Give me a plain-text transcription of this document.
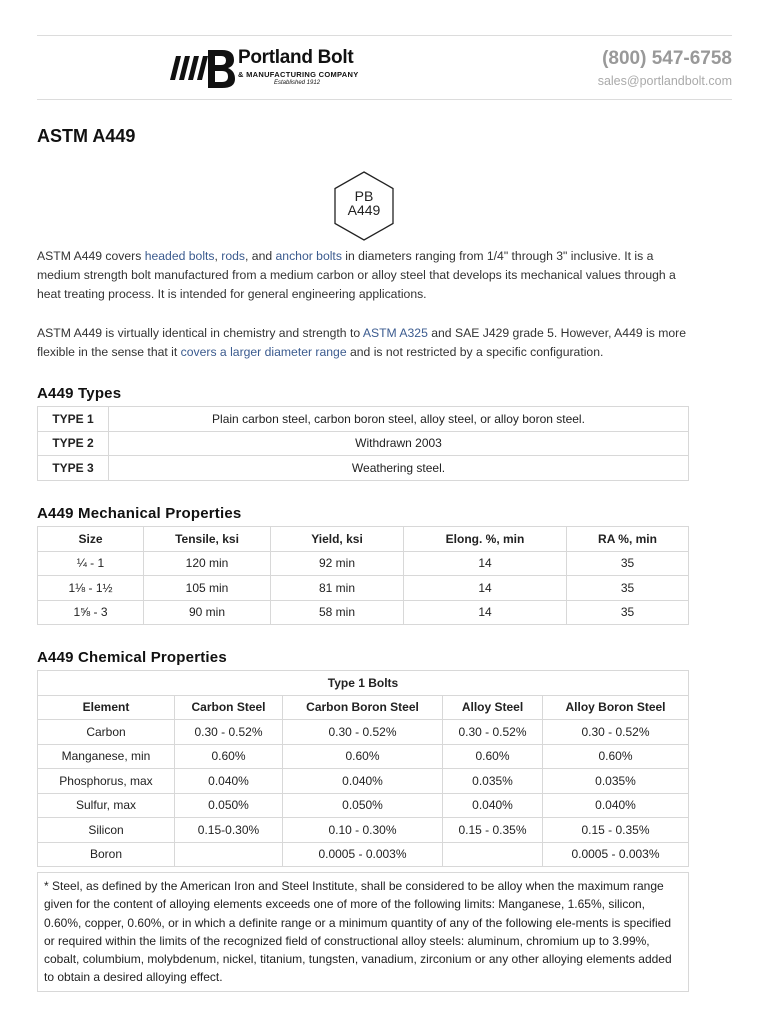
Portland Bolt
& MANUFACTURING COMPANY
Established 1912
(800) 547-6758
sales@portlandbolt.com
ASTM A449
PB
A449

ASTM A449 covers headed bolts, rods, and anchor bolts in diameters ranging from 1/4" through 3" inclusive. It is a medium strength bolt manufactured from a medium carbon or alloy steel that develops its mechanical values through a heat treating process. It is intended for general engineering applications.

ASTM A449 is virtually identical in chemistry and strength to ASTM A325 and SAE J429 grade 5. However, A449 is more flexible in the sense that it covers a larger diameter range and is not restricted by a specific configuration.

A449 Types
TYPE 1	Plain carbon steel, carbon boron steel, alloy steel, or alloy boron steel.
TYPE 2	Withdrawn 2003
TYPE 3	Weathering steel.
A449 Mechanical Properties
Size	Tensile, ksi	Yield, ksi	Elong. %, min	RA %, min
¼ - 1	120 min	92 min	14	35
1⅛ - 1½	105 min	81 min	14	35
1⅝ - 3	90 min	58 min	14	35
A449 Chemical Properties
Type 1 Bolts				
Element	Carbon Steel	Carbon Boron Steel	Alloy Steel	Alloy Boron Steel
Carbon	0.30 - 0.52%	0.30 - 0.52%	0.30 - 0.52%	0.30 - 0.52%
Manganese, min	0.60%	0.60%	0.60%	0.60%
Phosphorus, max	0.040%	0.040%	0.035%	0.035%
Sulfur, max	0.050%	0.050%	0.040%	0.040%
Silicon	0.15-0.30%	0.10 - 0.30%	0.15 - 0.35%	0.15 - 0.35%
Boron		0.0005 - 0.003%		0.0005 - 0.003%
* Steel, as defined by the American Iron and Steel Institute, shall be considered to be alloy when the maximum range given for the content of alloying elements exceeds one of more of the following limits: Manganese, 1.65%, silicon, 0.60%, copper, 0.60%, or in which a definite range or a minimum quantity of any of the following ele-ments is specified or required within the limits of the recognized field of constructional alloy steels: aluminum, chromium up to 3.99%, cobalt, columbium, molybdenum, nickel, titanium, tungsten, vanadium, zirconium or any other alloying elements added to obtain a desired alloying effect.
